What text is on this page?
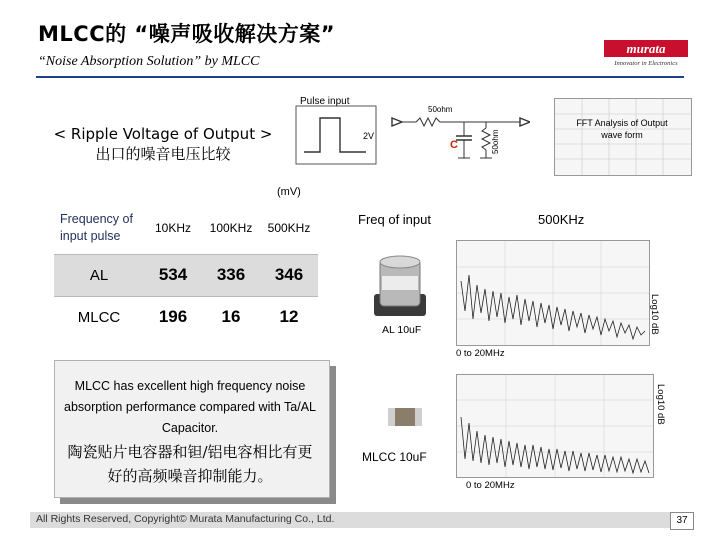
MLCC的 “噪声吸收解决方案”
“Noise Absorption Solution” by MLCC
murata
Innovator in Electronics
2V
50ohm
C	50ohm
Pulse input
FFT Analysis of Output wave form
< Ripple Voltage of Output >
出口的噪音电压比较
(mV)
Frequency of input pulse	10KHz	100KHz	500KHz
AL	534	336	346
MLCC	196	16	12
Freq of input	500KHz
AL 10uF	Log10 dB
0 to 20MHz
MLCC 10uF
Log10 dB
0 to 20MHz
MLCC has excellent high frequency noise absorption performance compared with Ta/AL Capacitor.
陶瓷贴片电容器和钽/铝电容相比有更好的高频噪音抑制能力。
All Rights Reserved, Copyright© Murata Manufacturing Co., Ltd.	37
